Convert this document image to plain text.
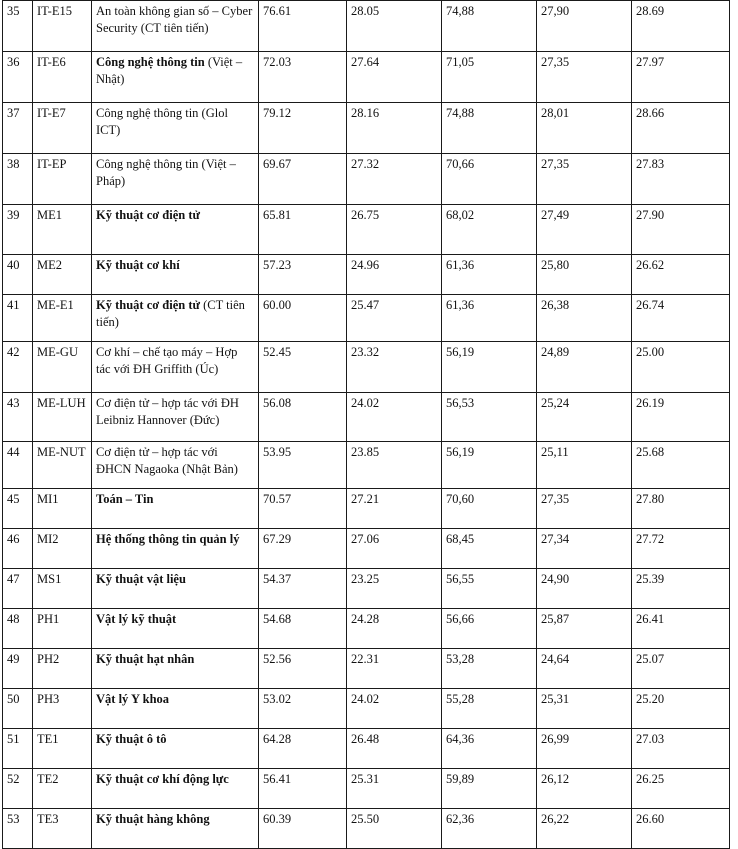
35	IT-E15	An toàn không gian số – Cyber Security (CT tiên tiến)	76.61	28.05	74,88	27,90	28.69
36	IT-E6	Công nghệ thông tin (Việt – Nhật)	72.03	27.64	71,05	27,35	27.97
37	IT-E7	Công nghệ thông tin (Glol ICT)	79.12	28.16	74,88	28,01	28.66
38	IT-EP	Công nghệ thông tin (Việt – Pháp)	69.67	27.32	70,66	27,35	27.83
39	ME1	Kỹ thuật cơ điện tử	65.81	26.75	68,02	27,49	27.90
40	ME2	Kỹ thuật cơ khí	57.23	24.96	61,36	25,80	26.62
41	ME-E1	Kỹ thuật cơ điện tử (CT tiên tiến)	60.00	25.47	61,36	26,38	26.74
42	ME-GU	Cơ khí – chế tạo máy – Hợp tác với ĐH Griffith (Úc)	52.45	23.32	56,19	24,89	25.00
43	ME-LUH	Cơ điện tử – hợp tác với ĐH Leibniz Hannover (Đức)	56.08	24.02	56,53	25,24	26.19
44	ME-NUT	Cơ điện tử – hợp tác với ĐHCN Nagaoka (Nhật Bản)	53.95	23.85	56,19	25,11	25.68
45	MI1	Toán – Tin	70.57	27.21	70,60	27,35	27.80
46	MI2	Hệ thống thông tin quản lý	67.29	27.06	68,45	27,34	27.72
47	MS1	Kỹ thuật vật liệu	54.37	23.25	56,55	24,90	25.39
48	PH1	Vật lý kỹ thuật	54.68	24.28	56,66	25,87	26.41
49	PH2	Kỹ thuật hạt nhân	52.56	22.31	53,28	24,64	25.07
50	PH3	Vật lý Y khoa	53.02	24.02	55,28	25,31	25.20
51	TE1	Kỹ thuật ô tô	64.28	26.48	64,36	26,99	27.03
52	TE2	Kỹ thuật cơ khí động lực	56.41	25.31	59,89	26,12	26.25
53	TE3	Kỹ thuật hàng không	60.39	25.50	62,36	26,22	26.60
